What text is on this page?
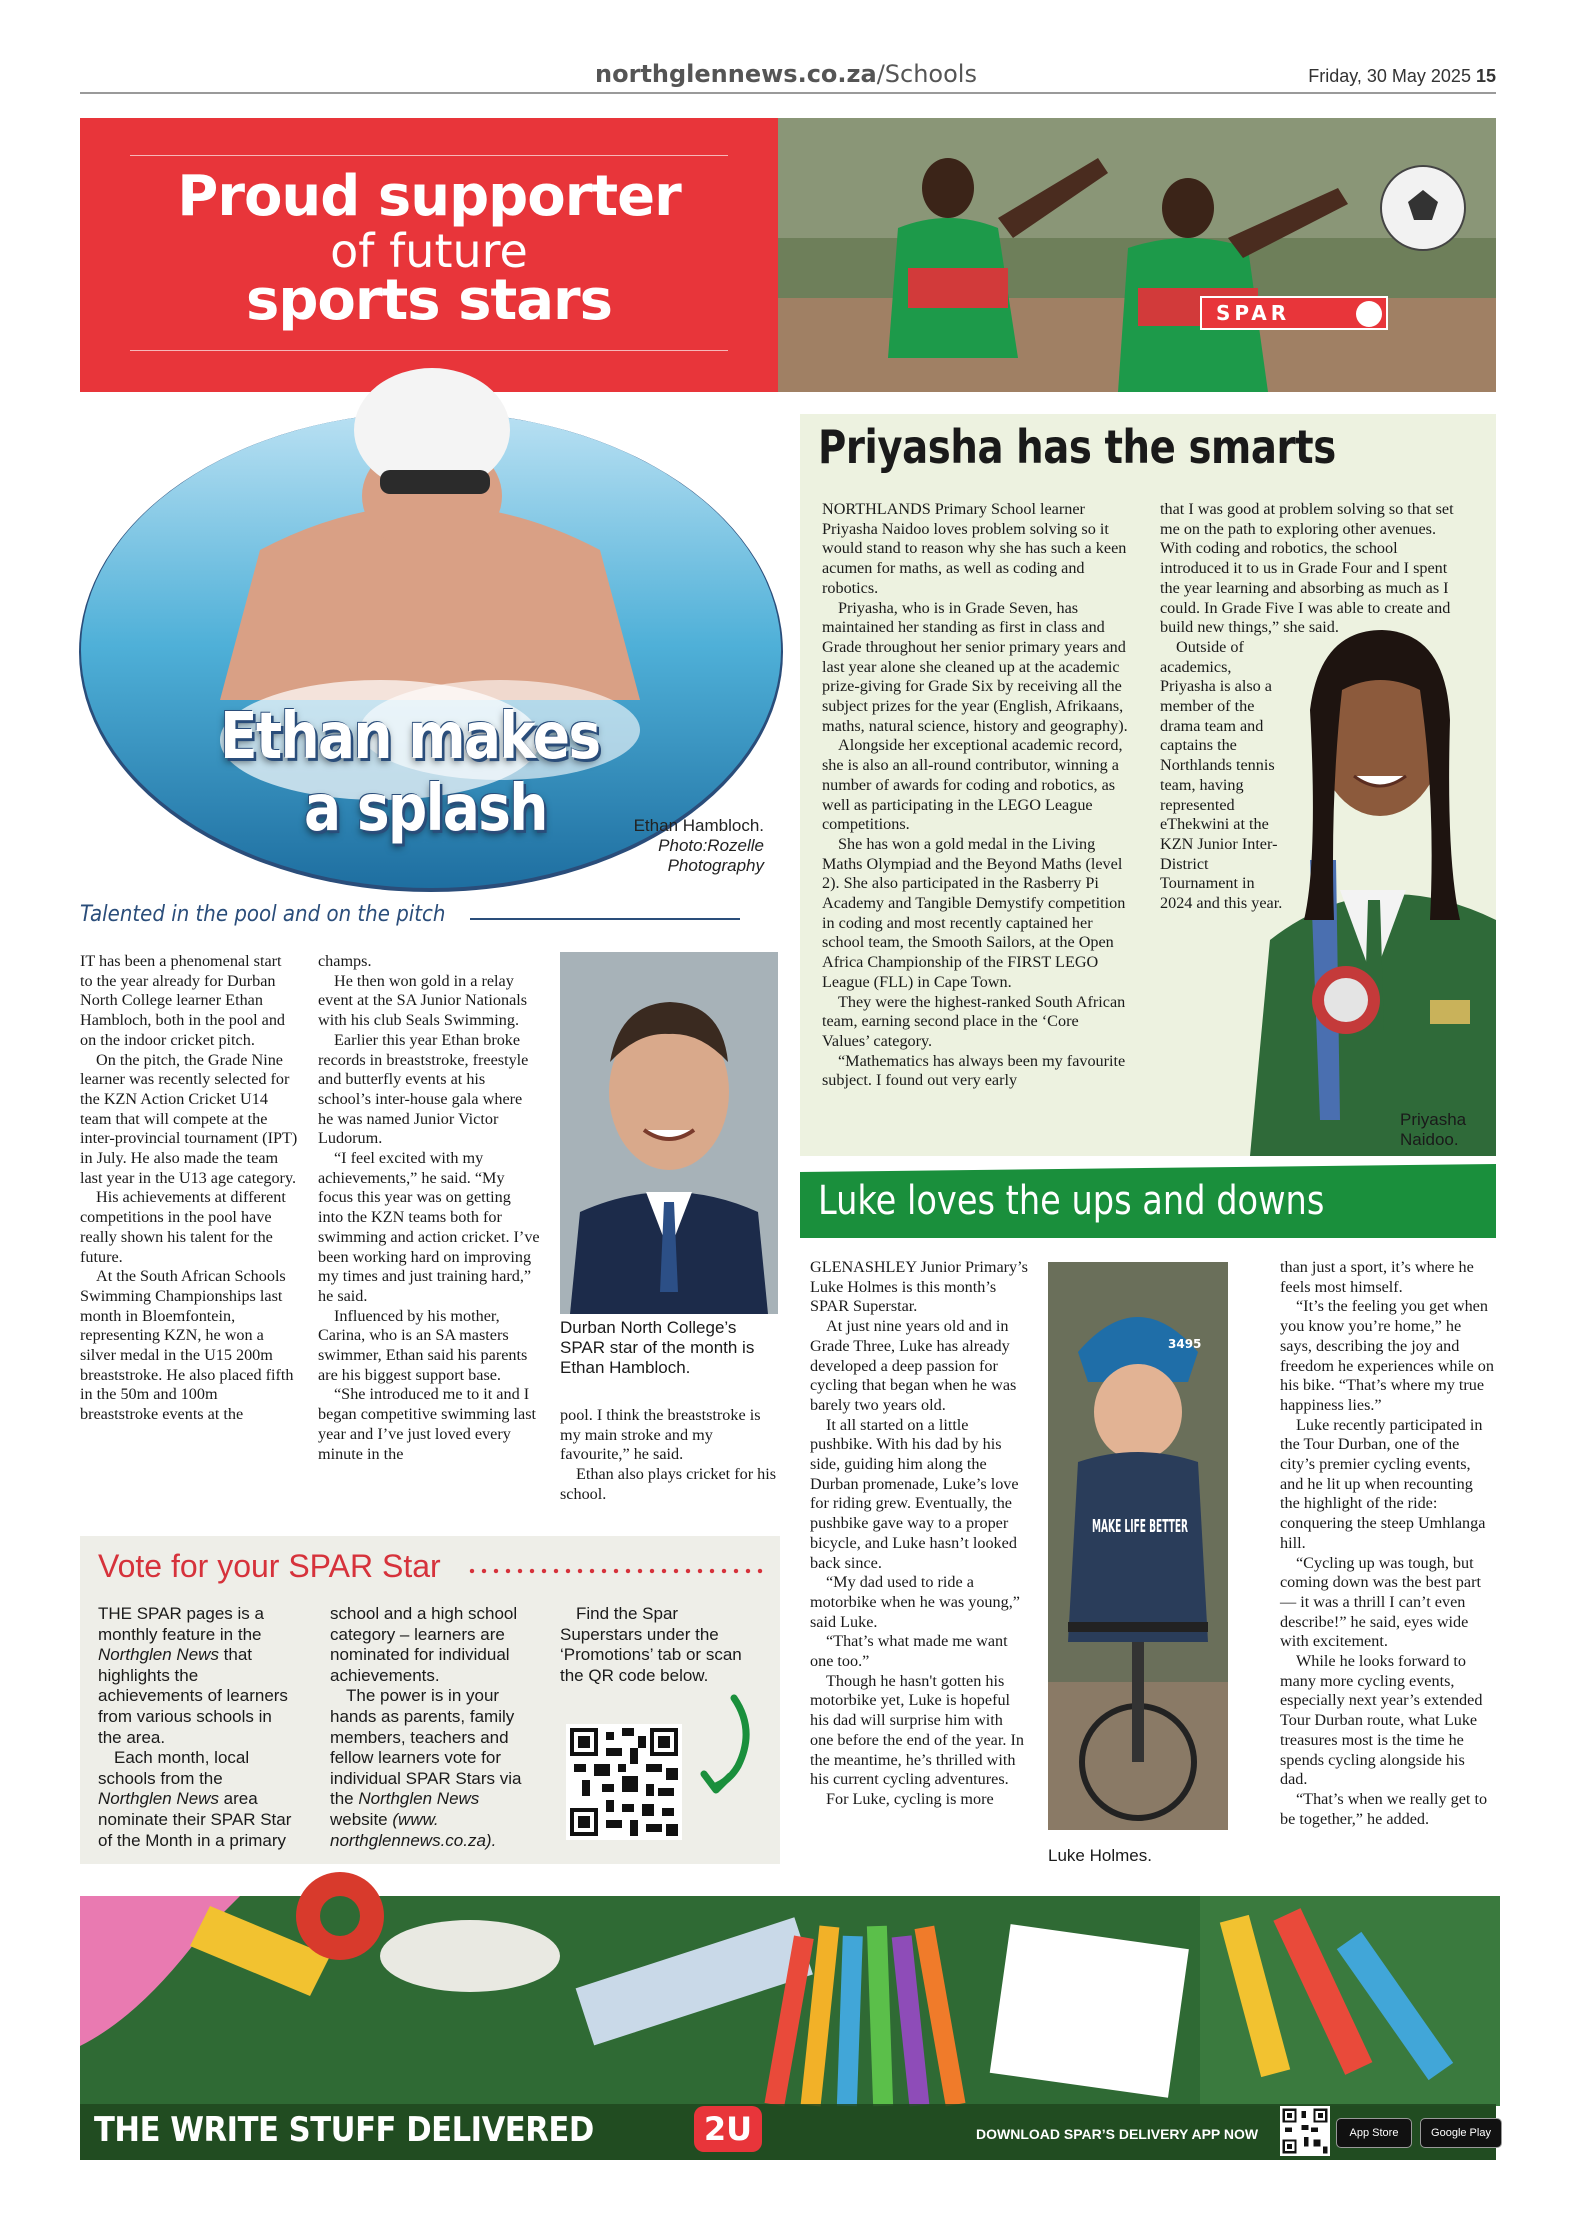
northglennews.co.za/Schools	Friday, 30 May 2025 15
Proud supporter
of future
sports stars	SPAR
Ethan makes
a splash	Ethan Hambloch.
Photo:Rozelle Photography
Talented in the pool and on the pitch

IT has been a phenomenal start to the year already for Durban North College learner Ethan Hambloch, both in the pool and on the indoor cricket pitch.

On the pitch, the Grade Nine learner was recently selected for the KZN Action Cricket U14 team that will compete at the inter-provincial tournament (IPT) in July. He also made the team last year in the U13 age category.

His achievements at different competitions in the pool have really shown his talent for the future.

At the South African Schools Swimming Championships last month in Bloemfontein, representing KZN, he won a silver medal in the U15 200m breaststroke. He also placed fifth in the 50m and 100m breaststroke events at the

champs.

He then won gold in a relay event at the SA Junior Nationals with his club Seals Swimming.

Earlier this year Ethan broke records in breaststroke, freestyle and butterfly events at his school’s inter-house gala where he was named Junior Victor Ludorum.

“I feel excited with my achievements,” he said. “My focus this year was on getting into the KZN teams both for swimming and action cricket. I’ve been working hard on improving my times and just training hard,” he said.

Influenced by his mother, Carina, who is an SA masters swimmer, Ethan said his parents are his biggest support base.

“She introduced me to it and I began competitive swimming last year and I’ve just loved every minute in the

Durban North College’s SPAR star of the month is Ethan Hambloch.

pool. I think the breaststroke is my main stroke and my favourite,” he said.

Ethan also plays cricket for his school.

Vote for your SPAR Star

THE SPAR pages is a monthly feature in the Northglen News that highlights the achievements of learners from various schools in the area.

Each month, local schools from the Northglen News area nominate their SPAR Star of the Month in a primary

school and a high school category – learners are nominated for individual achievements.

The power is in your hands as parents, family members, teachers and fellow learners vote for individual SPAR Stars via the Northglen News website (www. northglennews.co.za).

Find the Spar Superstars under the ‘Promotions’ tab or scan the QR code below.

Priyasha has the smarts

NORTHLANDS Primary School learner Priyasha Naidoo loves problem solving so it would stand to reason why she has such a keen acumen for maths, as well as coding and robotics.

Priyasha, who is in Grade Seven, has maintained her standing as first in class and Grade throughout her senior primary years and last year alone she cleaned up at the academic prize-giving for Grade Six by receiving all the subject prizes for the year (English, Afrikaans, maths, natural science, history and geography).

Alongside her exceptional academic record, she is also an all-round contributor, winning a number of awards for coding and robotics, as well as participating in the LEGO League competitions.

She has won a gold medal in the Living Maths Olympiad and the Beyond Maths (level 2). She also participated in the Rasberry Pi Academy and Tangible Demystify competition in coding and most recently captained her school team, the Smooth Sailors, at the Open Africa Championship of the FIRST LEGO League (FLL) in Cape Town.

They were the highest-ranked South African team, earning second place in the ‘Core Values’ category.

“Mathematics has always been my favourite subject. I found out very early

that I was good at problem solving so that set me on the path to exploring other avenues. With coding and robotics, the school introduced it to us in Grade Four and I spent the year learning and absorbing as much as I could. In Grade Five I was able to create and build new things,” she said.

Outside of academics, Priyasha is also a member of the drama team and captains the Northlands tennis team, having represented eThekwini at the KZN Junior Inter-District Tournament in 2024 and this year.

Priyasha Naidoo.
Luke loves the ups and downs

GLENASHLEY Junior Primary’s Luke Holmes is this month’s SPAR Superstar.

At just nine years old and in Grade Three, Luke has already developed a deep passion for cycling that began when he was barely two years old.

It all started on a little pushbike. With his dad by his side, guiding him along the Durban promenade, Luke’s love for riding grew. Eventually, the pushbike gave way to a proper bicycle, and Luke hasn’t looked back since.

“My dad used to ride a motorbike when he was young,” said Luke.

“That’s what made me want one too.”

Though he hasn't gotten his motorbike yet, Luke is hopeful his dad will surprise him with one before the end of the year. In the meantime, he’s thrilled with his current cycling adventures.

For Luke, cycling is more

3495
MAKE LIFE BETTER
Luke Holmes.

than just a sport, it’s where he feels most himself.

“It’s the feeling you get when you know you’re home,” he says, describing the joy and freedom he experiences while on his bike. “That’s where my true happiness lies.”

Luke recently participated in the Tour Durban, one of the city’s premier cycling events, and he lit up when recounting the highlight of the ride: conquering the steep Umhlanga hill.

“Cycling up was tough, but coming down was the best part — it was a thrill I can’t even describe!” he said, eyes wide with excitement.

While he looks forward to many more cycling events, especially next year’s extended Tour Durban route, what Luke treasures most is the time he spends cycling alongside his dad.

“That’s when we really get to be together,” he added.

THE WRITE STUFF DELIVERED	2U	DOWNLOAD SPAR’S DELIVERY APP NOW	App Store	Google Play
